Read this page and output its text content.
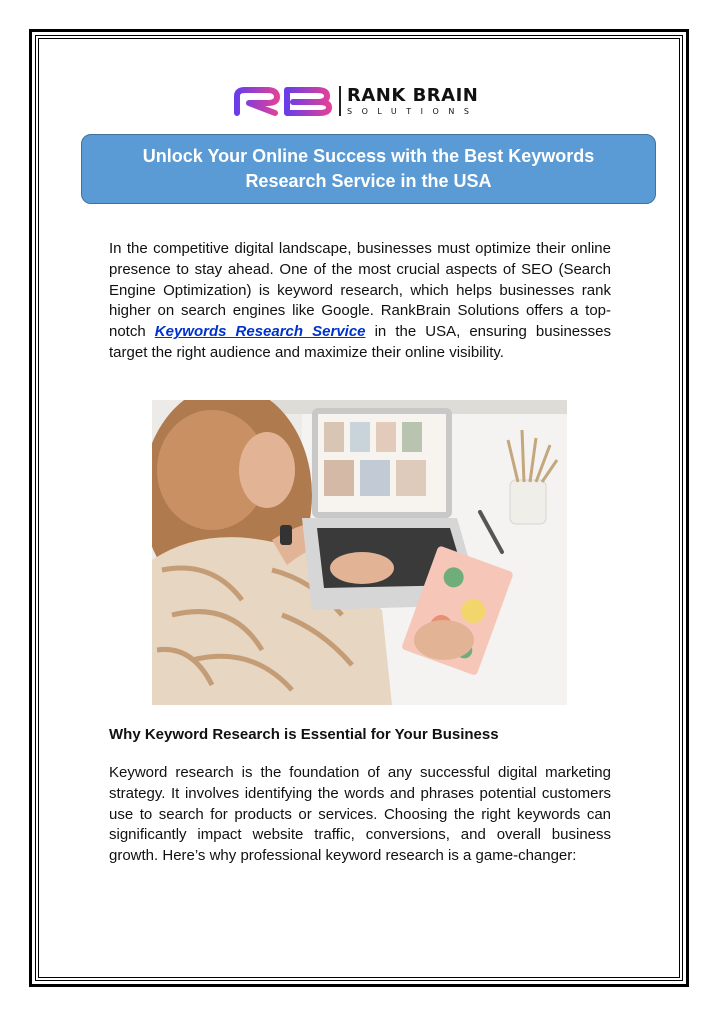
RANK BRAIN
SOLUTIONS
Unlock Your Online Success with the Best Keywords Research Service in the USA

In the competitive digital landscape, businesses must optimize their online presence to stay ahead. One of the most crucial aspects of SEO (Search Engine Optimization) is keyword research, which helps businesses rank higher on search engines like Google. RankBrain Solutions offers a top-notch Keywords Research Service in the USA, ensuring businesses target the right audience and maximize their online visibility.

Why Keyword Research is Essential for Your Business

Keyword research is the foundation of any successful digital marketing strategy. It involves identifying the words and phrases potential customers use to search for products or services. Choosing the right keywords can significantly impact website traffic, conversions, and overall business growth. Here’s why professional keyword research is a game-changer:
